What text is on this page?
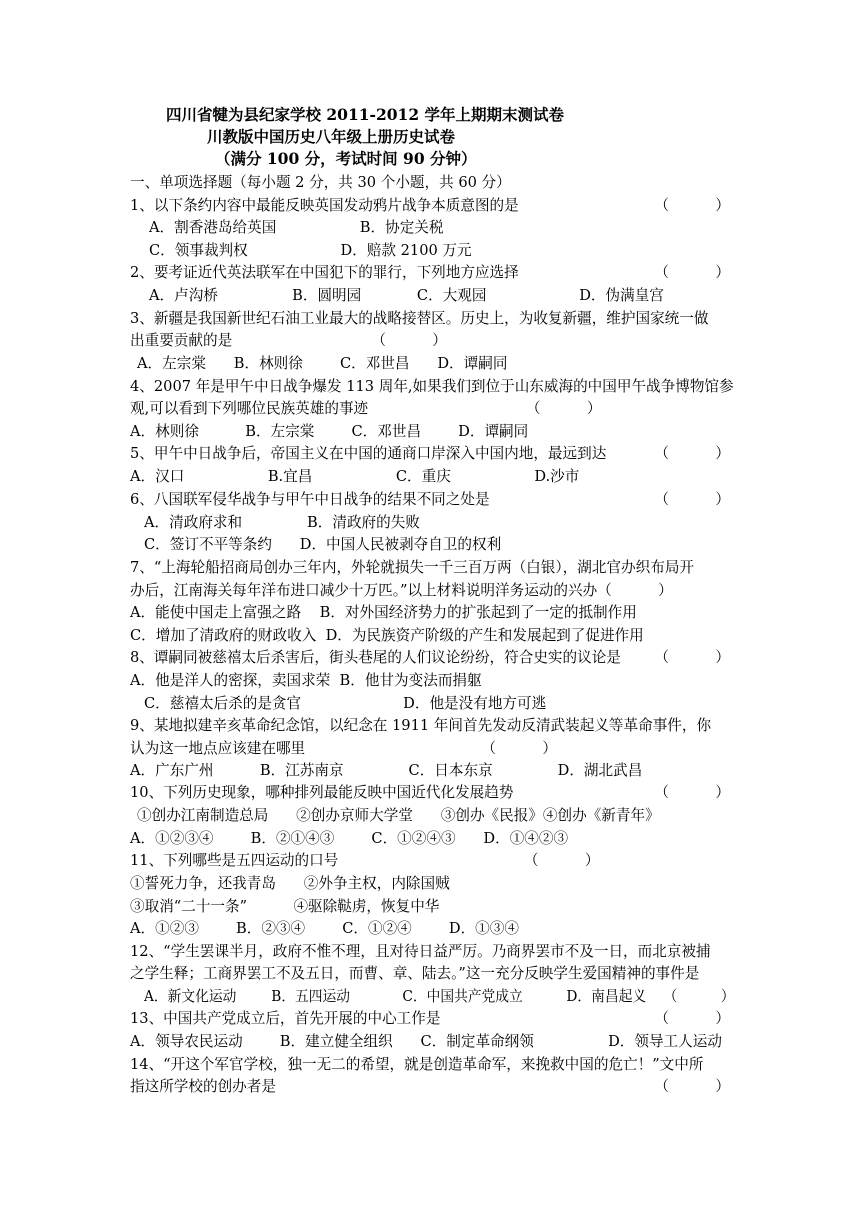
四川省犍为县纪家学校 2011-2012 学年上期期末测试卷
川教版中国历史八年级上册历史试卷
（满分 100 分，考试时间 90 分钟）
一、单项选择题（每小题 2 分，共 30 个小题，共 60 分）
1、以下条约内容中最能反映英国发动鸦片战争本质意图的是	（          ）
A．割香港岛给英国                  B．协定关税
C．领事裁判权                    D．赔款 2100 万元
2、要考证近代英法联军在中国犯下的罪行，下列地方应选择	（          ）
A．卢沟桥                B．圆明园            C．大观园                    D．伪满皇宫
3、新疆是我国新世纪石油工业最大的战略接替区。历史上，为收复新疆，维护国家统一做
出重要贡献的是                              （          ）
A．左宗棠      B．林则徐        C．邓世昌      D．谭嗣同
4、2007 年是甲午中日战争爆发 113 周年,如果我们到位于山东威海的中国甲午战争博物馆参
观,可以看到下列哪位民族英雄的事迹                                  （          ）
A．林则徐          B．左宗棠        C．邓世昌        D．谭嗣同
5、甲午中日战争后，帝国主义在中国的通商口岸深入中国内地，最远到达	（          ）
A．汉口                  B.宜昌                  C．重庆                  D.沙市
6、八国联军侵华战争与甲午中日战争的结果不同之处是	（          ）
A．清政府求和              B．清政府的失败
C．签订不平等条约      D．中国人民被剥夺自卫的权利
7、“上海轮船招商局创办三年内，外轮就损失一千三百万两（白银），湖北官办织布局开
办后，江南海关每年洋布进口减少十万匹。”以上材料说明洋务运动的兴办（          ）
A．能使中国走上富强之路    B．对外国经济势力的扩张起到了一定的抵制作用
C．增加了清政府的财政收入  D．为民族资产阶级的产生和发展起到了促进作用
8、谭嗣同被慈禧太后杀害后，街头巷尾的人们议论纷纷，符合史实的议论是 （          ）
A．他是洋人的密探，卖国求荣  B．他甘为变法而捐躯
C．慈禧太后杀的是贪官                      D．他是没有地方可逃
9、某地拟建辛亥革命纪念馆，以纪念在 1911 年间首先发动反清武装起义等革命事件，你
认为这一地点应该建在哪里                                      （          ）
A．广东广州          B．江苏南京              C．日本东京              D．湖北武昌
10、下列历史现象，哪种排列最能反映中国近代化发展趋势	（          ）
①创办江南制造总局      ②创办京师大学堂      ③创办《民报》④创办《新青年》
A．①②③④        B．②①④③        C．①②④③      D．①④②③
11、下列哪些是五四运动的口号                                        （          ）
①誓死力争，还我青岛      ②外争主权，内除国贼
③取消“二十一条”          ④驱除鞑虏，恢复中华
A．①②③        B．②③④        C．①②④        D．①③④
12、“学生罢课半月，政府不惟不理，且对待日益严厉。乃商界罢市不及一日，而北京被捕
之学生释；工商界罢工不及五日，而曹、章、陆去。”这一充分反映学生爱国精神的事件是
A．新文化运动        B．五四运动            C．中国共产党成立          D．南昌起义    （          ）
13、中国共产党成立后，首先开展的中心工作是	（          ）
A．领导农民运动        B．建立健全组织      C．制定革命纲领                D．领导工人运动
14、“开这个军官学校，独一无二的希望，就是创造革命军，来挽救中国的危亡！”文中所
指这所学校的创办者是	（          ）
